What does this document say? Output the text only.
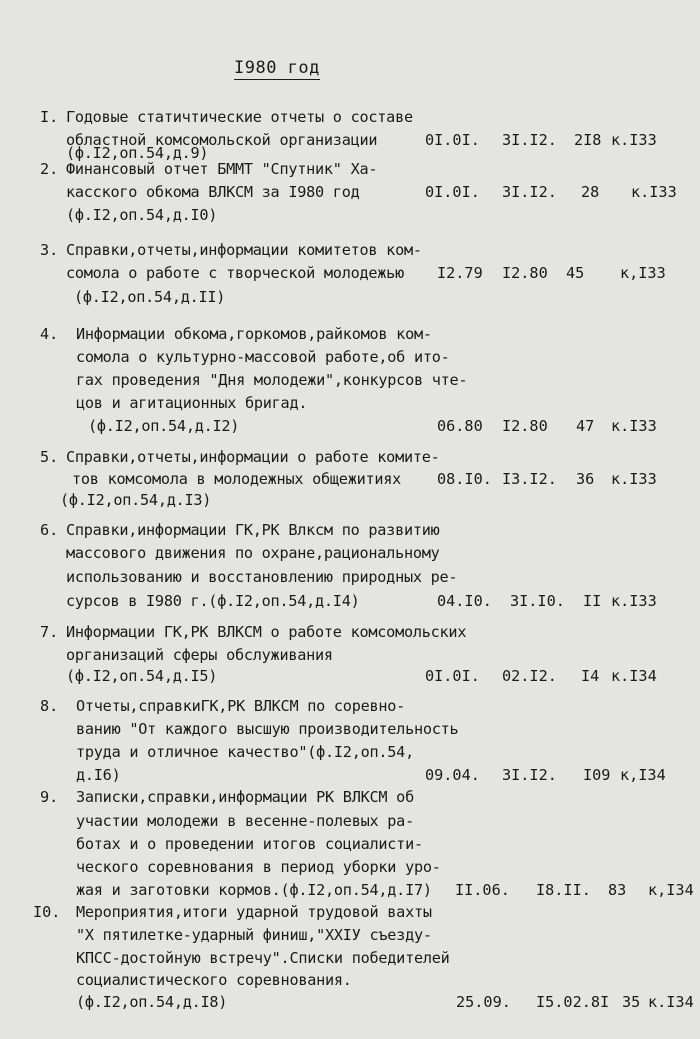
I980 год
I. Годовые статичтические отчеты о составе
областной комсомольской организации
(ф.I2,оп.54,д.9)
0I.0I. 3I.I2. 2I8 к.I33
2. Финансовый отчет БММТ "Спутник" Ха-
касского обкома ВЛКСМ за I980 год
(ф.I2,оп.54,д.I0)
0I.0I. 3I.I2. 28 к.I33
3. Справки,отчеты,информации комитетов ком-
сомола о работе с творческой молодежью
(ф.I2,оп.54,д.II)
I2.79 I2.80 45 к,I33
4. Информации обкома,горкомов,райкомов ком-
сомола о культурно-массовой работе,об ито-
гах проведения "Дня молодежи",конкурсов чте-
цов и агитационных бригад.
(ф.I2,оп.54,д.I2)	06.80 I2.80 47 к.I33
5. Справки,отчеты,информации о работе комите-
тов комсомола в молодежных общежитиях
(ф.I2,оп.54,д.I3)
08.I0. I3.I2. 36 к.I33
6. Справки,информации ГК,РК Влксм по развитию
массового движения по охране,рациональному
использованию и восстановлению природных ре-
сурсов в I980 г.(ф.I2,оп.54,д.I4)	04.I0. 3I.I0. II к.I33
7. Информации ГК,РК ВЛКСМ о работе комсомольских
организаций сферы обслуживания
(ф.I2,оп.54,д.I5)	0I.0I. 02.I2. I4 к.I34
8. Отчеты,справкиГК,РК ВЛКСМ по соревно-
ванию "От каждого высшую производительность
труда и отличное качество"(ф.I2,оп.54,
д.I6)	09.04. 3I.I2. I09 к,I34
9. Записки,справки,информации РК ВЛКСМ об
участии молодежи в весенне-полевых ра-
ботах и о проведении итогов социалисти-
ческого соревнования в период уборки уро-
жая и заготовки кормов.(ф.I2,оп.54,д.I7) II.06. I8.II. 83 к,I34
I0. Мероприятия,итоги ударной трудовой вахты
"X пятилетке-ударный финиш,"XXIУ съезду-
КПСС-достойную встречу".Списки победителей
социалистического соревнования.
(ф.I2,оп.54,д.I8)	25.09. I5.02.8I 35 к.I34
